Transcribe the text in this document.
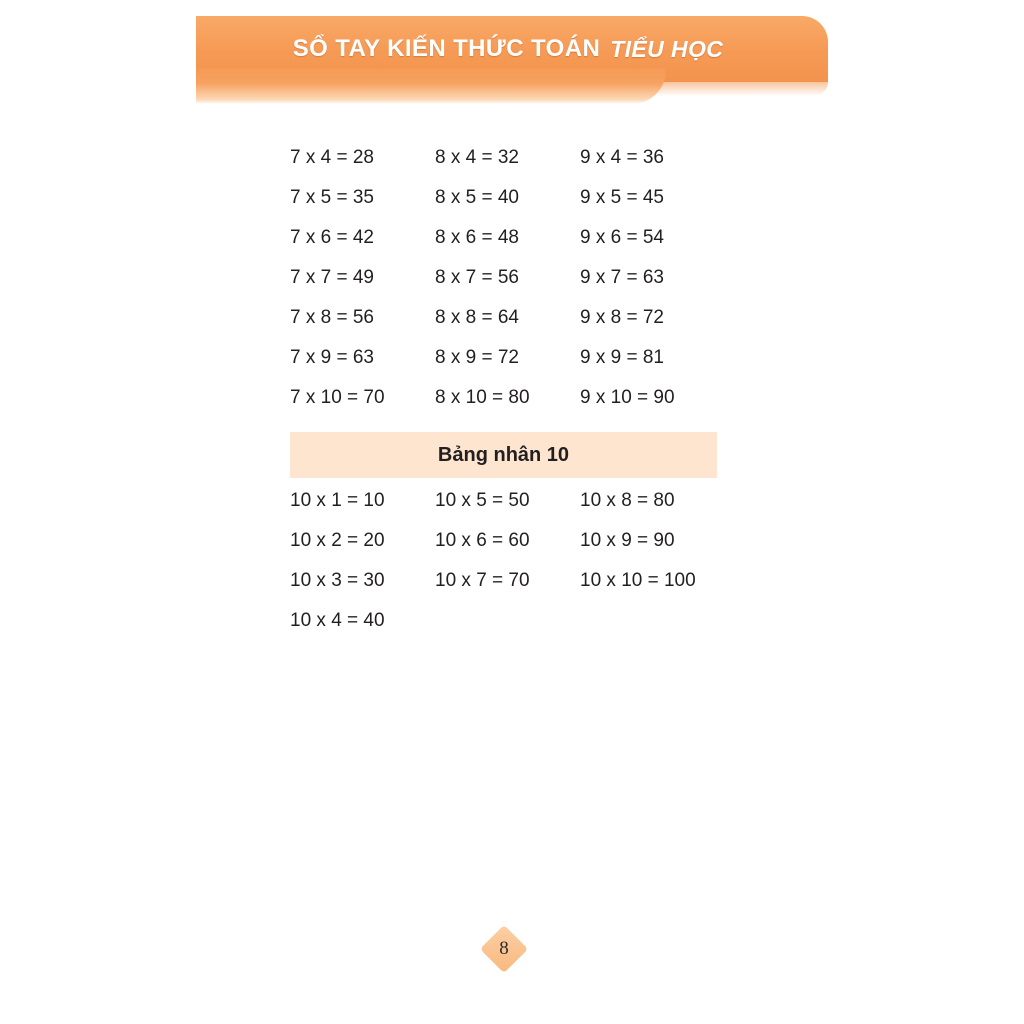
SỔ TAY KIẾN THỨC TOÁN TIỂU HỌC
7 x 4 = 28	8 x 4 = 32	9 x 4 = 36
7 x 5 = 35	8 x 5 = 40	9 x 5 = 45
7 x 6 = 42	8 x 6 = 48	9 x 6 = 54
7 x 7 = 49	8 x 7 = 56	9 x 7 = 63
7 x 8 = 56	8 x 8 = 64	9 x 8 = 72
7 x 9 = 63	8 x 9 = 72	9 x 9 = 81
7 x 10 = 70	8 x 10 = 80	9 x 10 = 90
Bảng nhân 10
10 x 1 = 10	10 x 5 = 50	10 x 8 = 80
10 x 2 = 20	10 x 6 = 60	10 x 9 = 90
10 x 3 = 30	10 x 7 = 70	10 x 10 = 100
10 x 4 = 40
8
